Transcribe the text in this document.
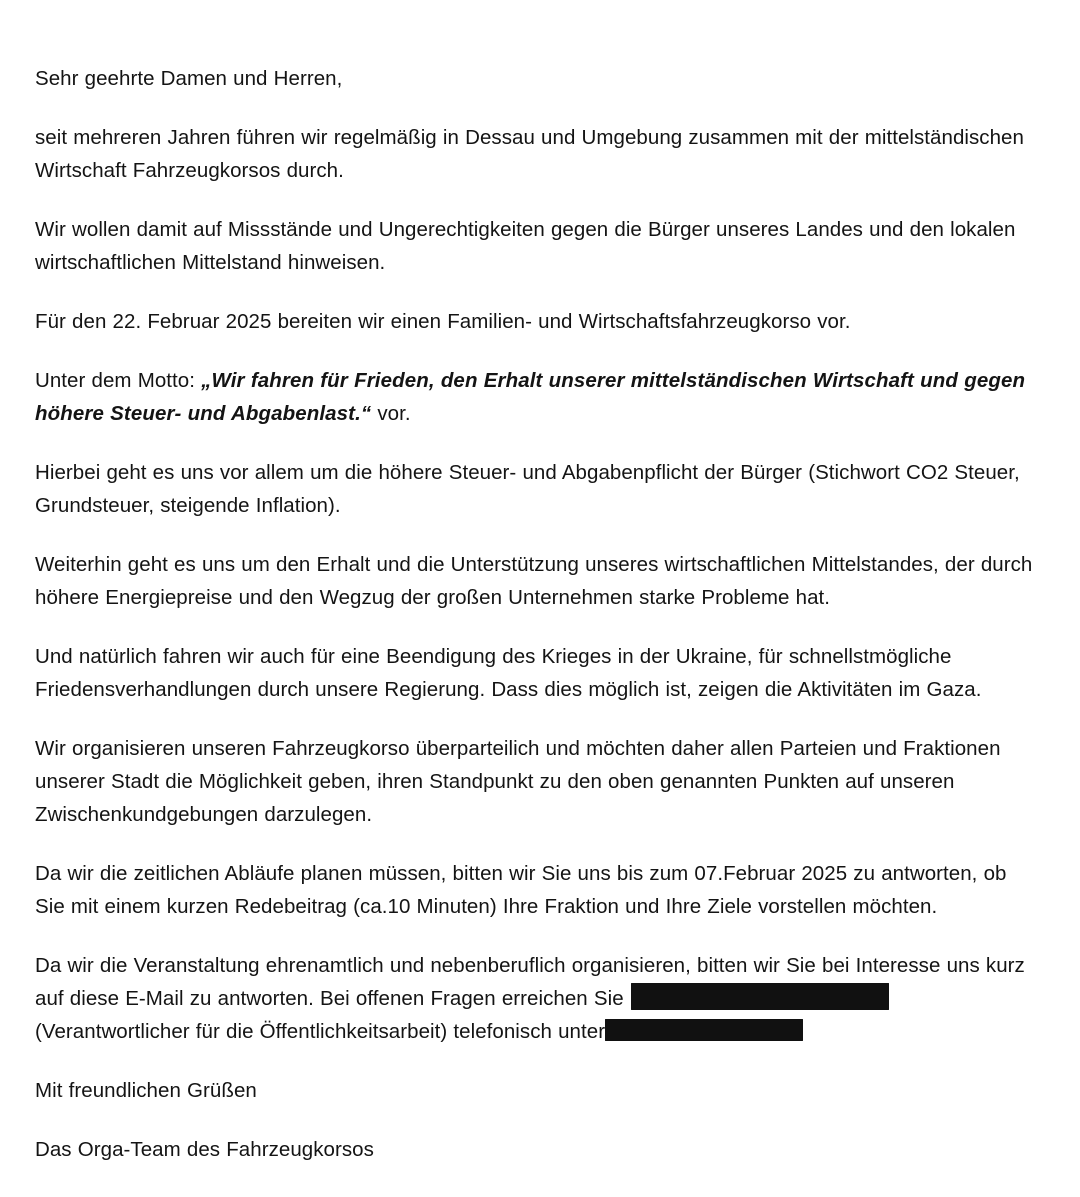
Sehr geehrte Damen und Herren,

seit mehreren Jahren führen wir regelmäßig in Dessau und Umgebung zusammen mit der mittelständischen Wirtschaft Fahrzeugkorsos durch.

Wir wollen damit auf Missstände und Ungerechtigkeiten gegen die Bürger unseres Landes und den lokalen wirtschaftlichen Mittelstand hinweisen.

Für den 22. Februar 2025 bereiten wir einen Familien- und Wirtschaftsfahrzeugkorso vor.

Unter dem Motto: „Wir fahren für Frieden, den Erhalt unserer mittelständischen Wirtschaft und gegen höhere Steuer- und Abgabenlast.“ vor.

Hierbei geht es uns vor allem um die höhere Steuer- und Abgabenpflicht der Bürger (Stichwort CO2 Steuer, Grundsteuer, steigende Inflation).

Weiterhin geht es uns um den Erhalt und die Unterstützung unseres wirtschaftlichen Mittelstandes, der durch höhere Energiepreise und den Wegzug der großen Unternehmen starke Probleme hat.

Und natürlich fahren wir auch für eine Beendigung des Krieges in der Ukraine, für schnellstmögliche Friedensverhandlungen durch unsere Regierung. Dass dies möglich ist, zeigen die Aktivitäten im Gaza.

Wir organisieren unseren Fahrzeugkorso überparteilich und möchten daher allen Parteien und Fraktionen unserer Stadt die Möglichkeit geben, ihren Standpunkt zu den oben genannten Punkten auf unseren Zwischenkundgebungen darzulegen.

Da wir die zeitlichen Abläufe planen müssen, bitten wir Sie uns bis zum 07.Februar 2025 zu antworten, ob Sie mit einem kurzen Redebeitrag (ca.10 Minuten) Ihre Fraktion und Ihre Ziele vorstellen möchten.

Da wir die Veranstaltung ehrenamtlich und nebenberuflich organisieren, bitten wir Sie bei Interesse uns kurz auf diese E-Mail zu antworten. Bei offenen Fragen erreichen Sie  (Verantwortlicher für die Öffentlichkeitsarbeit) telefonisch unter

Mit freundlichen Grüßen

Das Orga-Team des Fahrzeugkorsos
